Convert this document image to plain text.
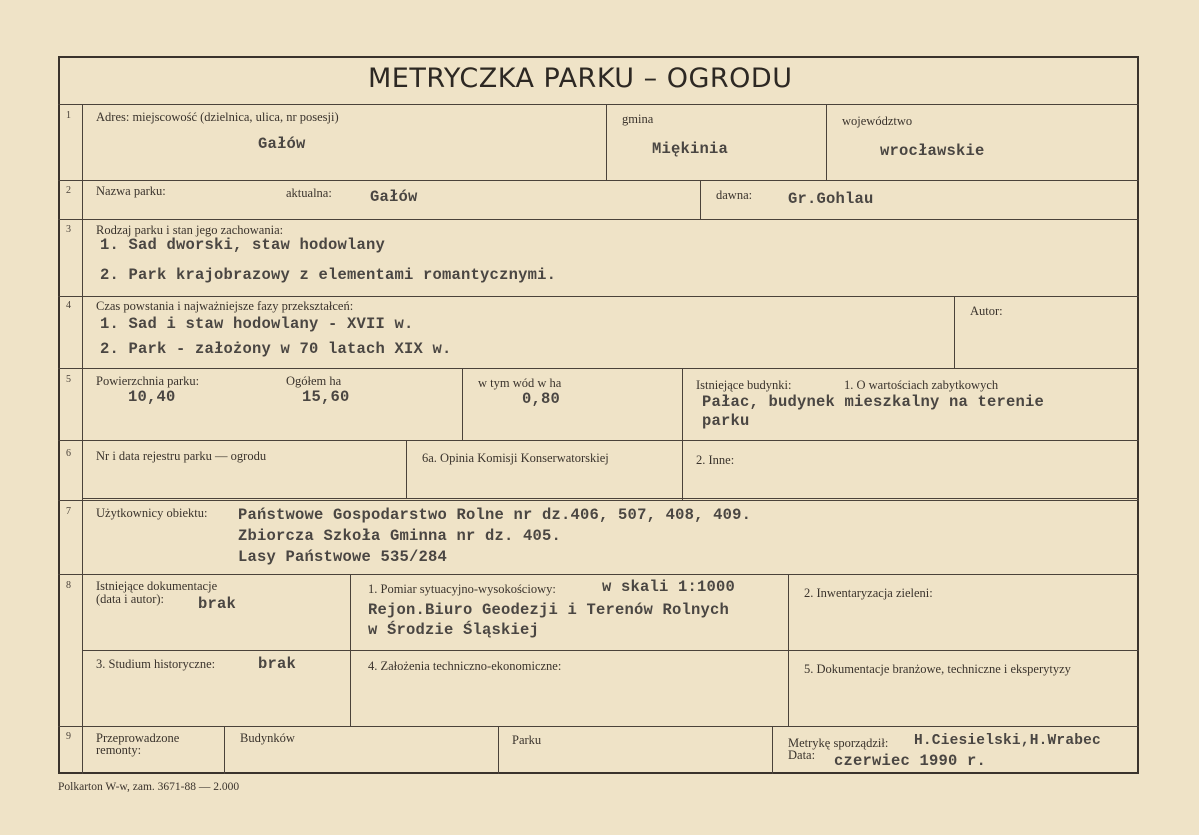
METRYCZKA PARKU – OGRODU
1
2
3
4
5
6
7
8
9
Adres: miejscowość (dzielnica, ulica, nr posesji)
Gałów
gmina
Miękinia
województwo
wrocławskie
Nazwa parku:	aktualna: Gałów	dawna: Gr.Gohlau
Rodzaj parku i stan jego zachowania:
1. Sad dworski, staw hodowlany
2. Park krajobrazowy z elementami romantycznymi.
Czas powstania i najważniejsze fazy przekształceń:
1. Sad i staw hodowlany - XVII w.
2. Park - założony w 70 latach XIX w.
Autor:
Powierzchnia parku:
10,40
Ogółem ha
15,60
w tym wód w ha
0,80
Istniejące budynki:	1. O wartościach zabytkowych
Pałac, budynek mieszkalny na terenie
parku
Nr i data rejestru parku — ogrodu	6a. Opinia Komisji Konserwatorskiej	2. Inne:
Użytkownicy obiektu: Państwowe Gospodarstwo Rolne nr dz.406, 507, 408, 409.
Zbiorcza Szkoła Gminna nr dz. 405.
Lasy Państwowe 535/284
Istniejące dokumentacje
(data i autor): brak
1. Pomiar sytuacyjno-wysokościowy:	w skali 1:1000
Rejon.Biuro Geodezji i Terenów Rolnych
w Środzie Śląskiej
2. Inwentaryzacja zieleni:
3. Studium historyczne:	brak	4. Założenia techniczno-ekonomiczne:	5. Dokumentacje branżowe, techniczne i eksperytyzy
Przeprowadzone
remonty:
Budynków	Parku	Metrykę sporządził: H.Ciesielski,H.Wrabec
Data: czerwiec 1990 r.
Polkarton W-w, zam. 3671-88 — 2.000
